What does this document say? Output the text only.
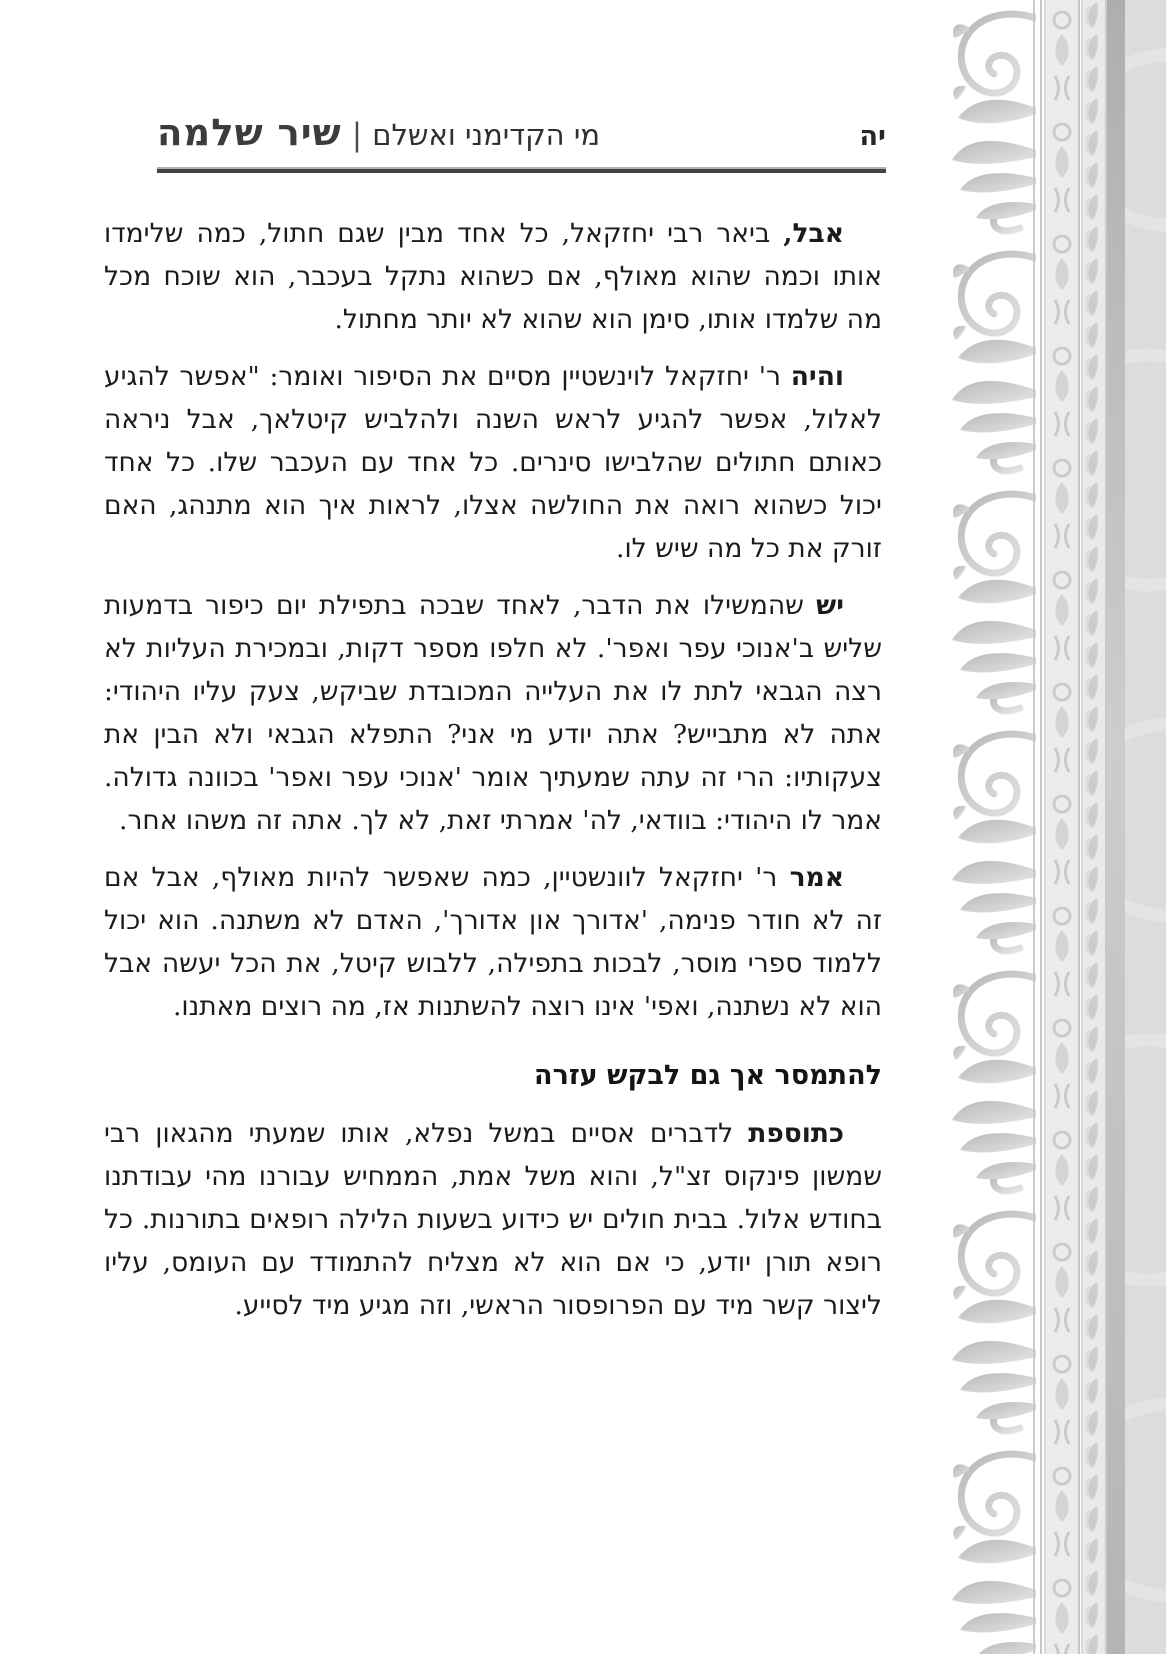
יה
מי הקדימני ואשלם
|
שיר שלמה

אבל, ביאר רבי יחזקאל, כל אחד מבין שגם חתול, כמה שלימדו אותו וכמה שהוא מאולף, אם כשהוא נתקל בעכבר, הוא שוכח מכל מה שלמדו אותו, סימן הוא שהוא לא יותר מחתול.

והיה ר' יחזקאל לוינשטיין מסיים את הסיפור ואומר: "אפשר להגיע לאלול, אפשר להגיע לראש השנה ולהלביש קיטלאך, אבל ניראה כאותם חתולים שהלבישו סינרים. כל אחד עם העכבר שלו. כל אחד יכול כשהוא רואה את החולשה אצלו, לראות איך הוא מתנהג, האם זורק את כל מה שיש לו.

יש שהמשילו את הדבר, לאחד שבכה בתפילת יום כיפור בדמעות שליש ב'אנוכי עפר ואפר'. לא חלפו מספר דקות, ובמכירת העליות לא רצה הגבאי לתת לו את העלייה המכובדת שביקש, צעק עליו היהודי: אתה לא מתבייש? אתה יודע מי אני? התפלא הגבאי ולא הבין את צעקותיו: הרי זה עתה שמעתיך אומר 'אנוכי עפר ואפר' בכוונה גדולה. אמר לו היהודי: בוודאי, לה' אמרתי זאת, לא לך. אתה זה משהו אחר.

אמר ר' יחזקאל לוונשטיין, כמה שאפשר להיות מאולף, אבל אם זה לא חודר פנימה, 'אדורך און אדורך', האדם לא משתנה. הוא יכול ללמוד ספרי מוסר, לבכות בתפילה, ללבוש קיטל, את הכל יעשה אבל הוא לא נשתנה, ואפי' אינו רוצה להשתנות אז, מה רוצים מאתנו.

להתמסר אך גם לבקש עזרה

כתוספת לדברים אסיים במשל נפלא, אותו שמעתי מהגאון רבי שמשון פינקוס זצ"ל, והוא משל אמת, הממחיש עבורנו מהי עבודתנו בחודש אלול. בבית חולים יש כידוע בשעות הלילה רופאים בתורנות. כל רופא תורן יודע, כי אם הוא לא מצליח להתמודד עם העומס, עליו ליצור קשר מיד עם הפרופסור הראשי, וזה מגיע מיד לסייע.
